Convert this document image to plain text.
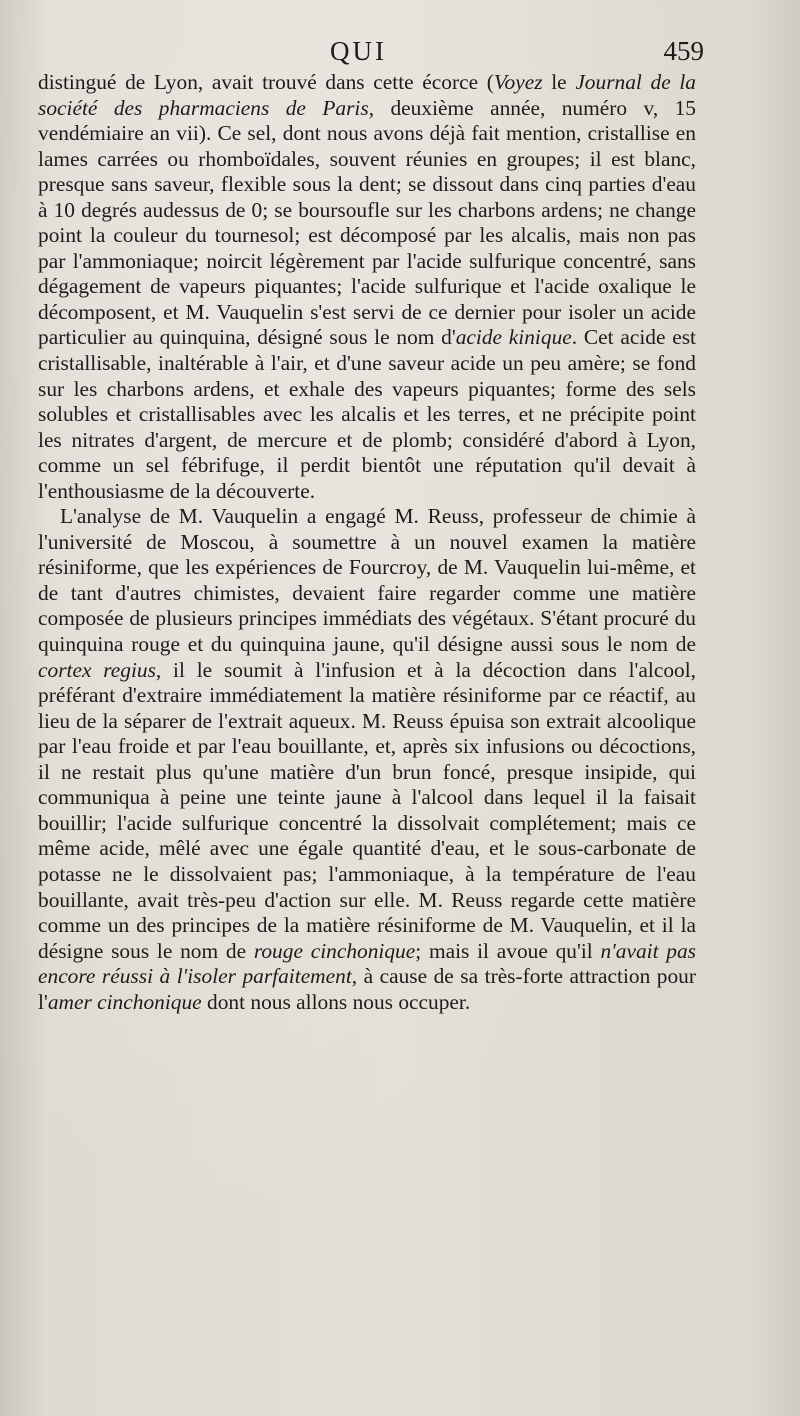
QUI	459

distingué de Lyon, avait trouvé dans cette écorce (Voyez le Journal de la société des pharmaciens de Paris, deuxième année, numéro v, 15 vendémiaire an vii). Ce sel, dont nous avons déjà fait mention, cristallise en lames carrées ou rhomboïdales, souvent réunies en groupes; il est blanc, presque sans saveur, flexible sous la dent; se dissout dans cinq parties d'eau à 10 degrés audessus de 0; se boursoufle sur les charbons ardens; ne change point la couleur du tournesol; est décomposé par les alcalis, mais non pas par l'ammoniaque; noircit légèrement par l'acide sulfurique concentré, sans dégagement de vapeurs piquantes; l'acide sulfurique et l'acide oxalique le décomposent, et M. Vauquelin s'est servi de ce dernier pour isoler un acide particulier au quinquina, désigné sous le nom d'acide kinique. Cet acide est cristallisable, inaltérable à l'air, et d'une saveur acide un peu amère; se fond sur les charbons ardens, et exhale des vapeurs piquantes; forme des sels solubles et cristallisables avec les alcalis et les terres, et ne précipite point les nitrates d'argent, de mercure et de plomb; considéré d'abord à Lyon, comme un sel fébrifuge, il perdit bientôt une réputation qu'il devait à l'enthousiasme de la découverte.

L'analyse de M. Vauquelin a engagé M. Reuss, professeur de chimie à l'université de Moscou, à soumettre à un nouvel examen la matière résiniforme, que les expériences de Fourcroy, de M. Vauquelin lui-même, et de tant d'autres chimistes, devaient faire regarder comme une matière composée de plusieurs principes immédiats des végétaux. S'étant procuré du quinquina rouge et du quinquina jaune, qu'il désigne aussi sous le nom de cortex regius, il le soumit à l'infusion et à la décoction dans l'alcool, préférant d'extraire immédiatement la matière résiniforme par ce réactif, au lieu de la séparer de l'extrait aqueux. M. Reuss épuisa son extrait alcoolique par l'eau froide et par l'eau bouillante, et, après six infusions ou décoctions, il ne restait plus qu'une matière d'un brun foncé, presque insipide, qui communiqua à peine une teinte jaune à l'alcool dans lequel il la faisait bouillir; l'acide sulfurique concentré la dissolvait complétement; mais ce même acide, mêlé avec une égale quantité d'eau, et le sous-carbonate de potasse ne le dissolvaient pas; l'ammoniaque, à la température de l'eau bouillante, avait très-peu d'action sur elle. M. Reuss regarde cette matière comme un des principes de la matière résiniforme de M. Vauquelin, et il la désigne sous le nom de rouge cinchonique; mais il avoue qu'il n'avait pas encore réussi à l'isoler parfaitement, à cause de sa très-forte attraction pour l'amer cinchonique dont nous allons nous occuper.
